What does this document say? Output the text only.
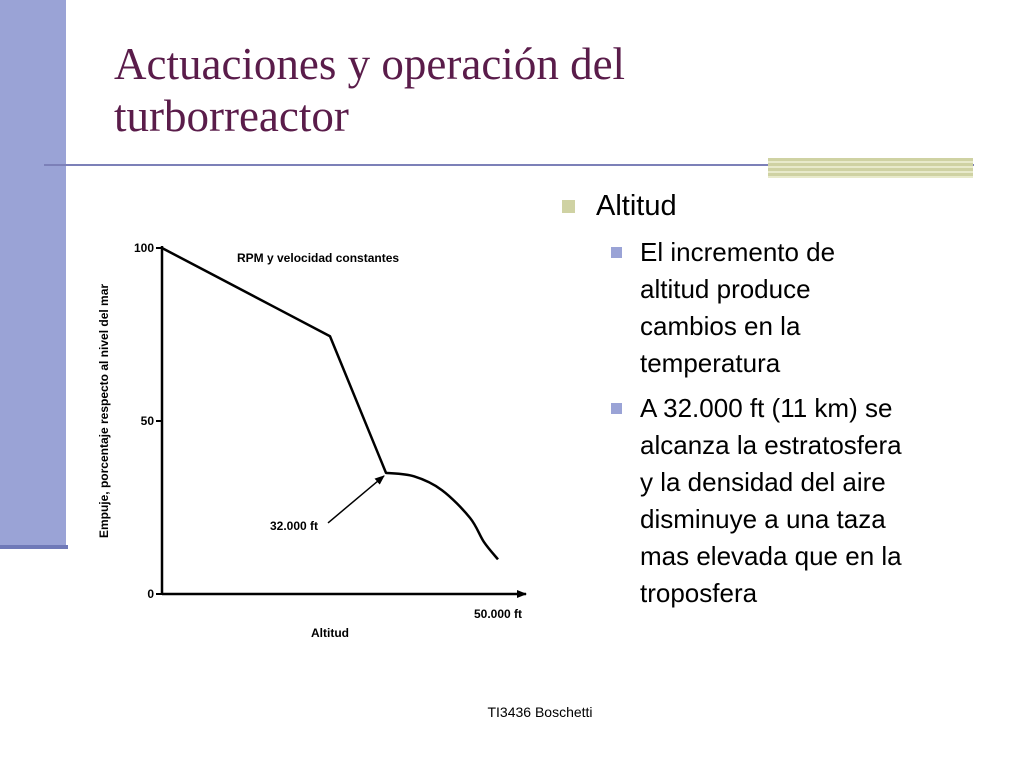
Actuaciones y operación del
turborreactor
0
50
100
50.000 ft
Altitud
Empuje, porcentaje respecto al nivel del mar
RPM y velocidad constantes
32.000 ft
Altitud
El incremento de
altitud produce
cambios en la
temperatura
A 32.000 ft (11 km) se
alcanza la estratosfera
y la densidad del aire
disminuye a una taza
mas elevada que en la
troposfera
TI3436 Boschetti
